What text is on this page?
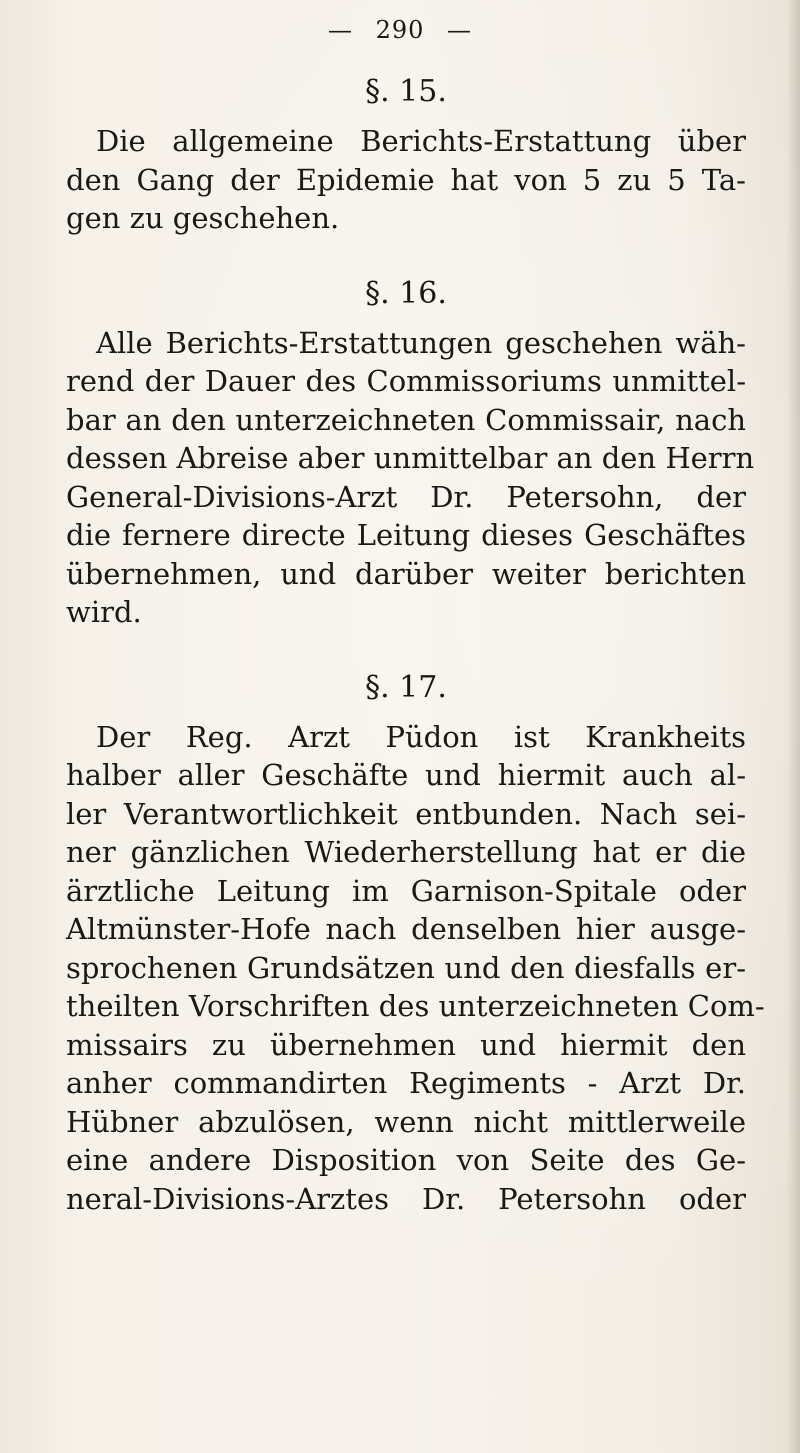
— 290 —
§. 15.
Die allgemeine Berichts-Erstattung über
den Gang der Epidemie hat von 5 zu 5 Ta-
gen zu geschehen.
§. 16.
Alle Berichts-Erstattungen geschehen wäh-
rend der Dauer des Commissoriums unmittel-
bar an den unterzeichneten Commissair, nach
dessen Abreise aber unmittelbar an den Herrn
General-Divisions-Arzt Dr. Petersohn, der
die fernere directe Leitung dieses Geschäftes
übernehmen, und darüber weiter berichten
wird.
§. 17.
Der Reg. Arzt Püdon ist Krankheits
halber aller Geschäfte und hiermit auch al-
ler Verantwortlichkeit entbunden. Nach sei-
ner gänzlichen Wiederherstellung hat er die
ärztliche Leitung im Garnison-Spitale oder
Altmünster-Hofe nach denselben hier ausge-
sprochenen Grundsätzen und den diesfalls er-
theilten Vorschriften des unterzeichneten Com-
missairs zu übernehmen und hiermit den
anher commandirten Regiments - Arzt Dr.
Hübner abzulösen, wenn nicht mittlerweile
eine andere Disposition von Seite des Ge-
neral-Divisions-Arztes Dr. Petersohn oder
